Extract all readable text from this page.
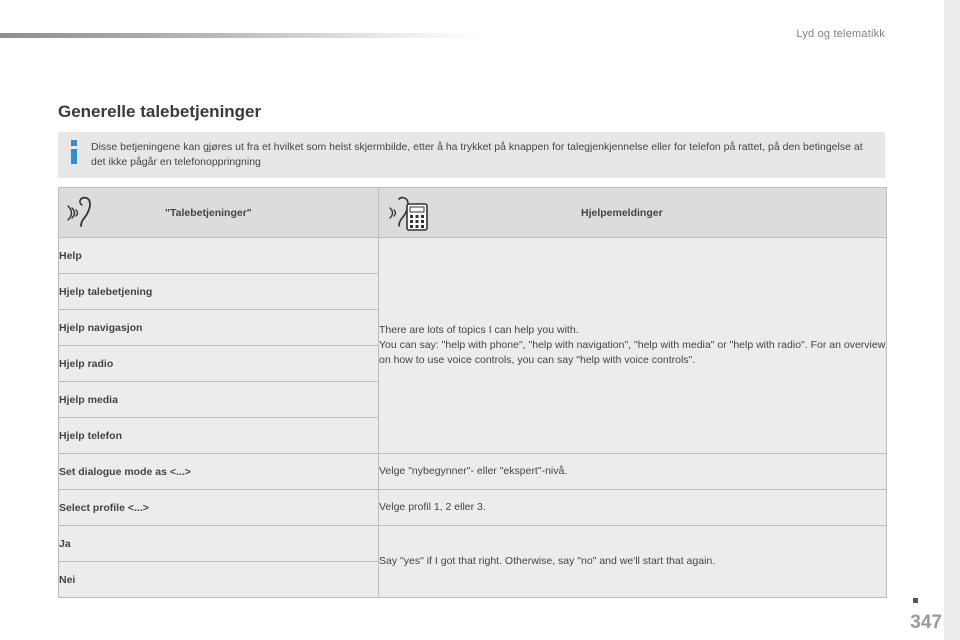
Lyd og telematikk
Generelle talebetjeninger
Disse betjeningene kan gjøres ut fra et hvilket som helst skjermbilde, etter å ha trykket på knappen for talegjenkjennelse eller for telefon på rattet, på den betingelse at det ikke pågår en telefonoppringning
"Talebetjeninger"	Hjelpemeldinger

Help	There are lots of topics I can help you with.
You can say: "help with phone", "help with navigation", "help with media" or "help with radio". For an overview on how to use voice controls, you can say "help with voice controls".
Hjelp talebetjening	
Hjelp navigasjon	
Hjelp radio	
Hjelp media	
Hjelp telefon	
Set dialogue mode as <...>	Velge "nybegynner"- eller "ekspert"-nivå.
Select profile <...>	Velge profil 1, 2 eller 3.
Ja	Say "yes" if I got that right. Otherwise, say "no" and we'll start that again.
Nei	
347
